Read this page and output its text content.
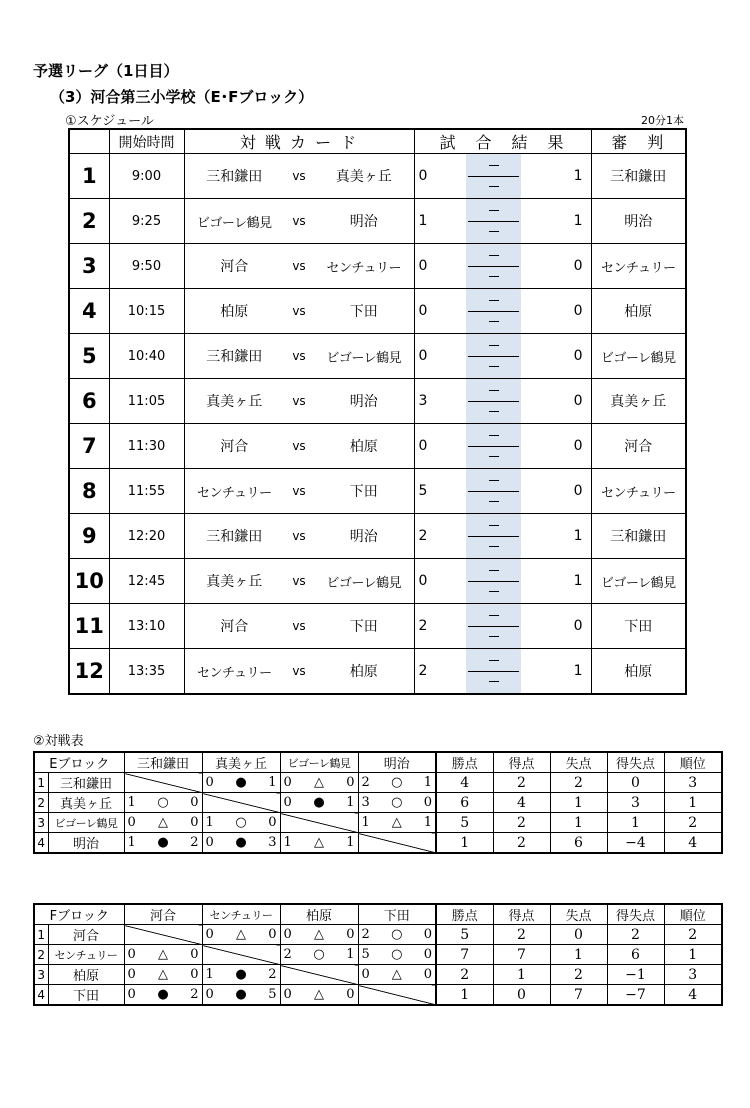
予選リーグ（1日目）
（3）河合第三小学校（E･Fブロック）
①スケジュール	20分1本
	開始時間	対 戦 カ ー ド			試　合　結　果			審　判
1	9:00	三和鎌田	vs	真美ヶ丘	0		1	三和鎌田
2	9:25	ビゴーレ鶴見	vs	明治	1		1	明治
3	9:50	河合	vs	センチュリー	0		0	センチュリー
4	10:15	柏原	vs	下田	0		0	柏原
5	10:40	三和鎌田	vs	ビゴーレ鶴見	0		0	ビゴーレ鶴見
6	11:05	真美ヶ丘	vs	明治	3		0	真美ヶ丘
7	11:30	河合	vs	柏原	0		0	河合
8	11:55	センチュリー	vs	下田	5		0	センチュリー
9	12:20	三和鎌田	vs	明治	2		1	三和鎌田
10	12:45	真美ヶ丘	vs	ビゴーレ鶴見	0		1	ビゴーレ鶴見
11	13:10	河合	vs	下田	2		0	下田
12	13:35	センチュリー	vs	柏原	2		1	柏原
②対戦表
Eブロック		三和鎌田	真美ヶ丘	ビゴーレ鶴見	明治	勝点	得点	失点	得失点	順位
1	三和鎌田		0 ● 1	0 △ 0	2 ○ 1	4	2	2	0	3
2	真美ヶ丘	1 ○ 0		0 ● 1	3 ○ 0	6	4	1	3	1
3	ビゴーレ鶴見	0 △ 0	1 ○ 0		1 △ 1	5	2	1	1	2
4	明治	1 ● 2	0 ● 3	1 △ 1		1	2	6	−4	4
Fブロック		河合	センチュリー	柏原	下田	勝点	得点	失点	得失点	順位
1	河合		0 △ 0	0 △ 0	2 ○ 0	5	2	0	2	2
2	センチュリー	0 △ 0		2 ○ 1	5 ○ 0	7	7	1	6	1
3	柏原	0 △ 0	1 ● 2		0 △ 0	2	1	2	−1	3
4	下田	0 ● 2	0 ● 5	0 △ 0		1	0	7	−7	4
